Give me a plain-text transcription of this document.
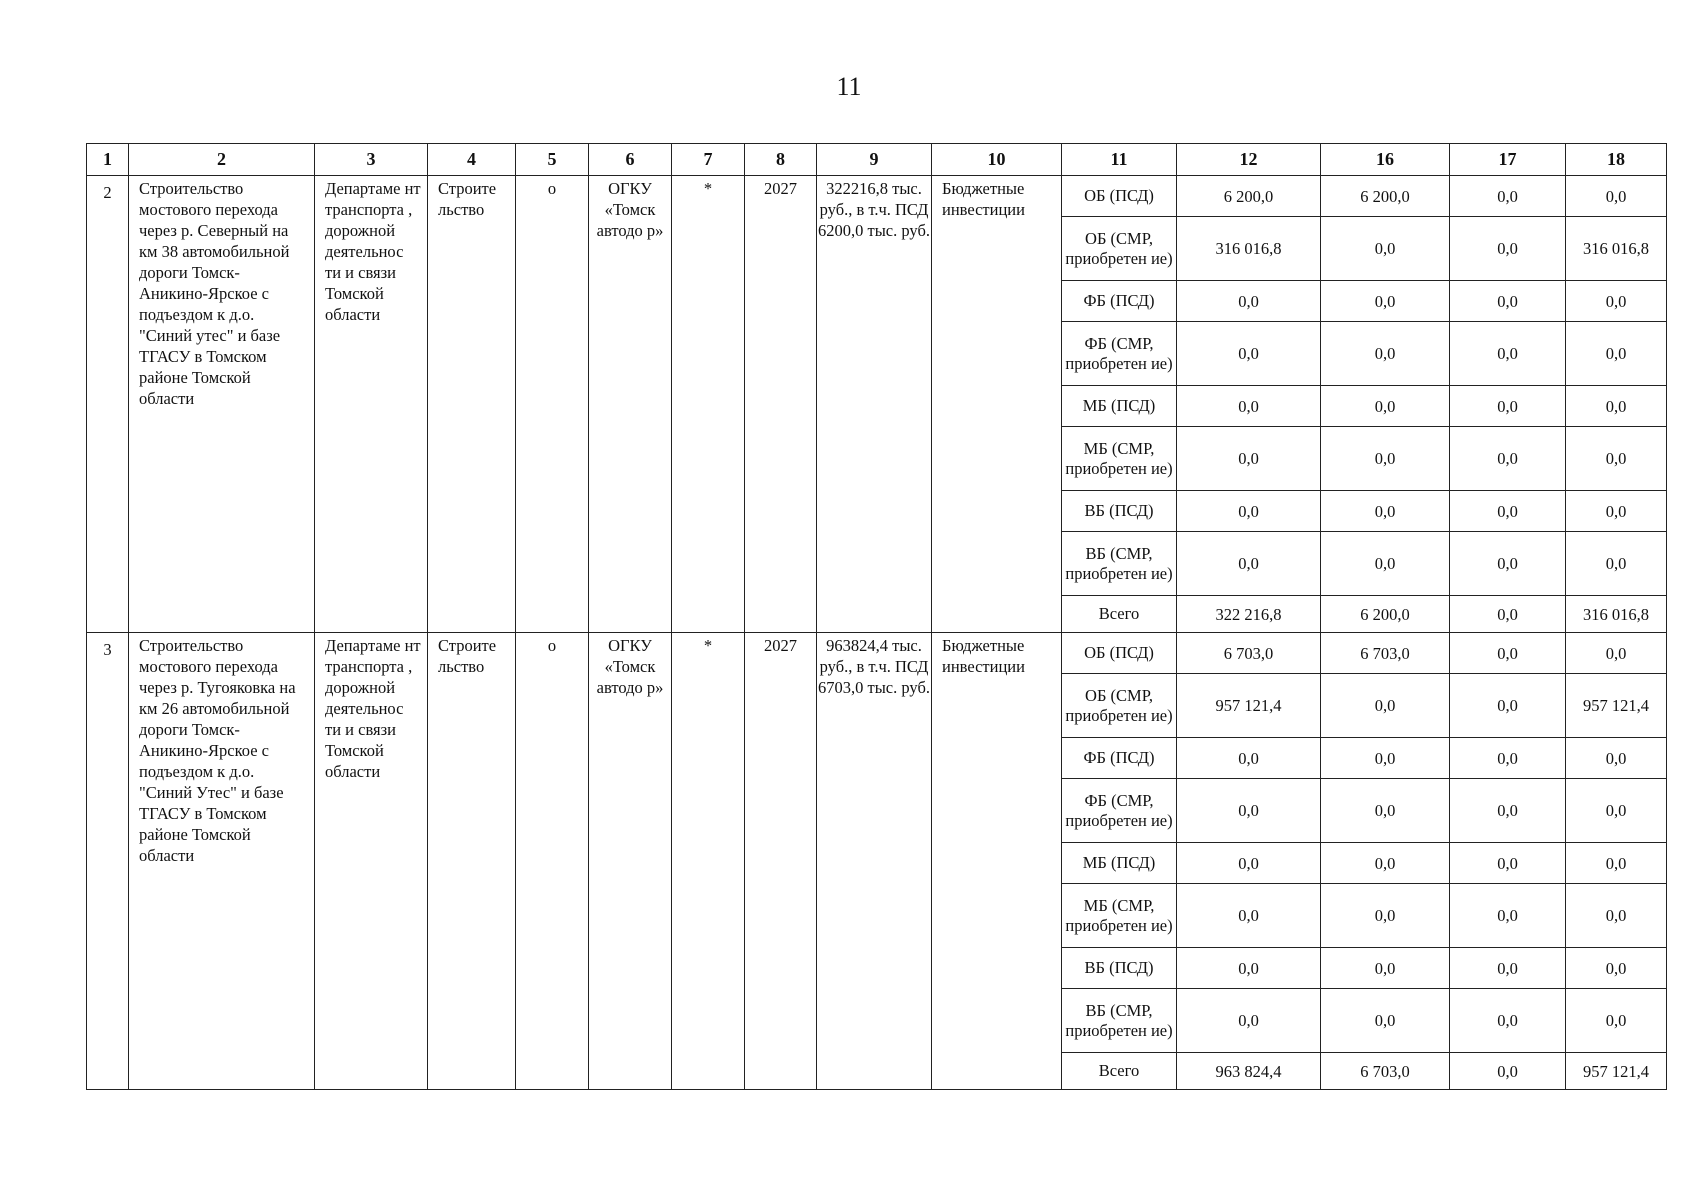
11
1	2	3	4	5	6	7	8	9	10	11	12	16	17	18
2	Строительство мостового перехода через р. Северный на км 38 автомобильной дороги Томск-Аникино-Ярское с подъездом к д.о. "Синий утес" и базе ТГАСУ в Томском районе Томской области	Департаме нт транспорта , дорожной деятельнос ти и связи Томской области	Строите льство	о	ОГКУ «Томск автодо р»	*	2027	322216,8 тыс. руб., в т.ч. ПСД 6200,0 тыс. руб.	Бюджетные инвестиции	ОБ (ПСД)	6 200,0	6 200,0	0,0	0,0
										ОБ (СМР, приобретен ие)	316 016,8	0,0	0,0	316 016,8
										ФБ (ПСД)	0,0	0,0	0,0	0,0
										ФБ (СМР, приобретен ие)	0,0	0,0	0,0	0,0
										МБ (ПСД)	0,0	0,0	0,0	0,0
										МБ (СМР, приобретен ие)	0,0	0,0	0,0	0,0
										ВБ (ПСД)	0,0	0,0	0,0	0,0
										ВБ (СМР, приобретен ие)	0,0	0,0	0,0	0,0
										Всего	322 216,8	6 200,0	0,0	316 016,8
3	Строительство мостового перехода через р. Тугояковка на км 26 автомобильной дороги Томск-Аникино-Ярское с подъездом к д.о. "Синий Утес" и базе ТГАСУ в Томском районе Томской области	Департаме нт транспорта , дорожной деятельнос ти и связи Томской области	Строите льство	о	ОГКУ «Томск автодо р»	*	2027	963824,4 тыс. руб., в т.ч. ПСД 6703,0 тыс. руб.	Бюджетные инвестиции	ОБ (ПСД)	6 703,0	6 703,0	0,0	0,0
										ОБ (СМР, приобретен ие)	957 121,4	0,0	0,0	957 121,4
										ФБ (ПСД)	0,0	0,0	0,0	0,0
										ФБ (СМР, приобретен ие)	0,0	0,0	0,0	0,0
										МБ (ПСД)	0,0	0,0	0,0	0,0
										МБ (СМР, приобретен ие)	0,0	0,0	0,0	0,0
										ВБ (ПСД)	0,0	0,0	0,0	0,0
										ВБ (СМР, приобретен ие)	0,0	0,0	0,0	0,0
										Всего	963 824,4	6 703,0	0,0	957 121,4
